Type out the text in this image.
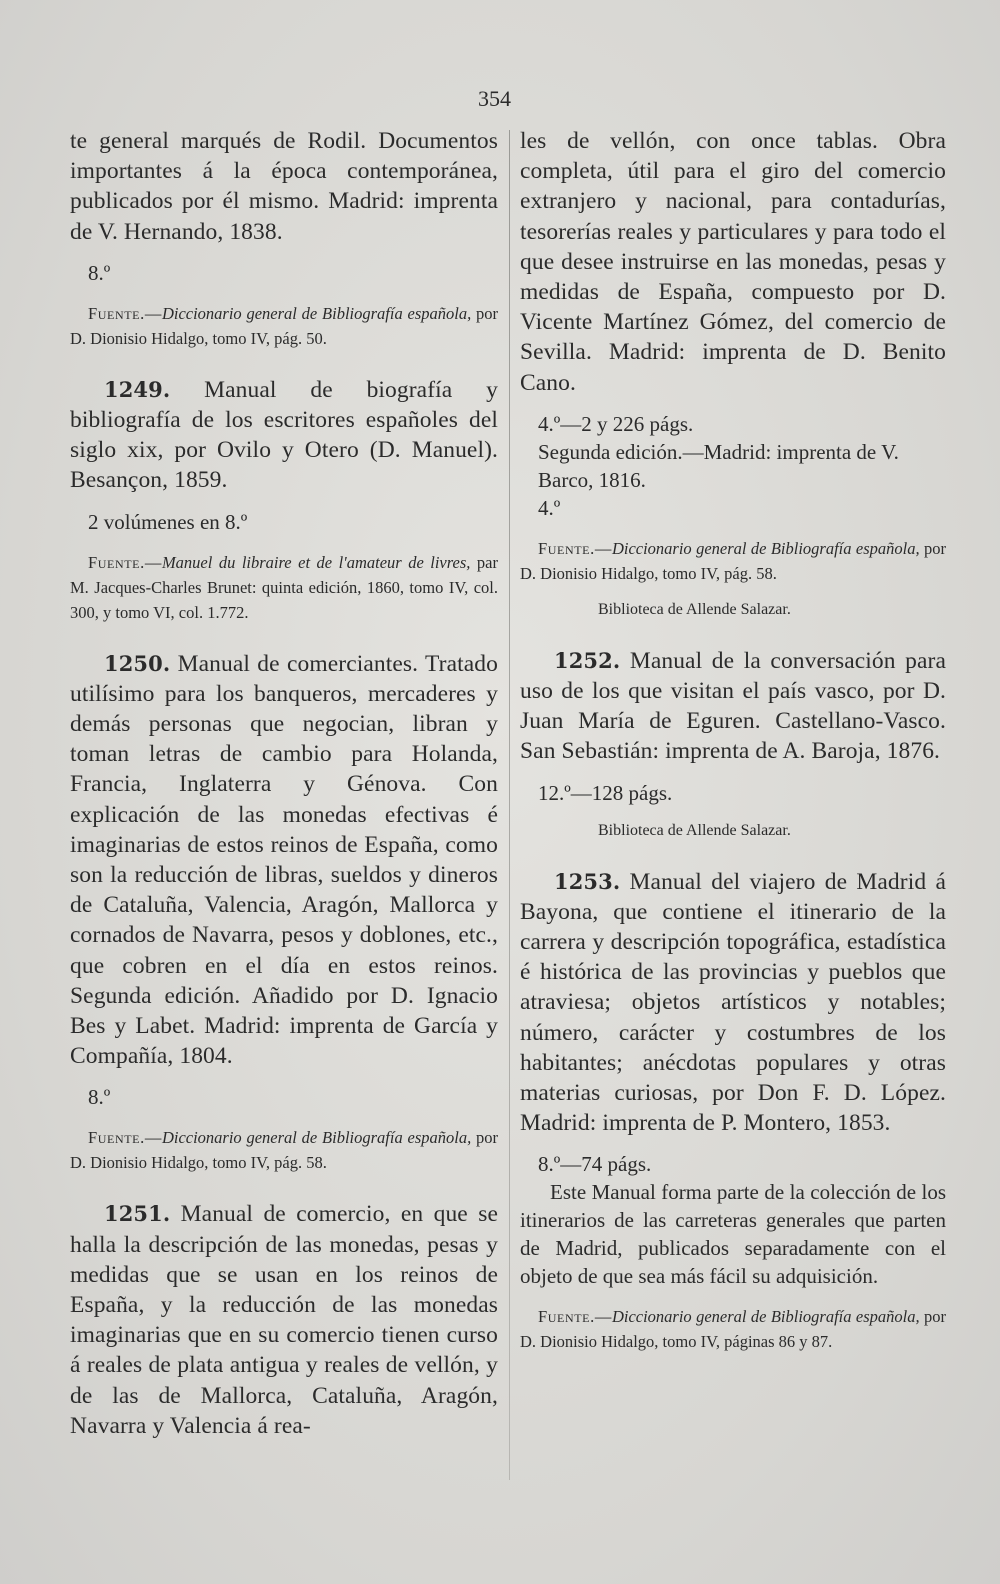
354

te general marqués de Rodil. Documentos importantes á la época contemporánea, publicados por él mismo. Madrid: imprenta de V. Hernando, 1838.

8.º

Fuente.—Diccionario general de Bibliografía española, por D. Dionisio Hidalgo, tomo IV, pág. 50.

1249. Manual de biografía y bibliografía de los escritores españoles del siglo xix, por Ovilo y Otero (D. Manuel). Besançon, 1859.

2 volúmenes en 8.º

Fuente.—Manuel du libraire et de l'amateur de livres, par M. Jacques-Charles Brunet: quinta edición, 1860, tomo IV, col. 300, y tomo VI, col. 1.772.

1250. Manual de comerciantes. Tratado utilísimo para los banqueros, mercaderes y demás personas que negocian, libran y toman letras de cambio para Holanda, Francia, Inglaterra y Génova. Con explicación de las monedas efectivas é imaginarias de estos reinos de España, como son la reducción de libras, sueldos y dineros de Cataluña, Valencia, Aragón, Mallorca y cornados de Navarra, pesos y doblones, etc., que cobren en el día en estos reinos. Segunda edición. Añadido por D. Ignacio Bes y Labet. Madrid: imprenta de García y Compañía, 1804.

8.º

Fuente.—Diccionario general de Bibliografía española, por D. Dionisio Hidalgo, tomo IV, pág. 58.

1251. Manual de comercio, en que se halla la descripción de las monedas, pesas y medidas que se usan en los reinos de España, y la reducción de las monedas imaginarias que en su comercio tienen curso á reales de plata antigua y reales de vellón, y de las de Mallorca, Cataluña, Aragón, Navarra y Valencia á rea-

les de vellón, con once tablas. Obra completa, útil para el giro del comercio extranjero y nacional, para contadurías, tesorerías reales y particulares y para todo el que desee instruirse en las monedas, pesas y medidas de España, compuesto por D. Vicente Martínez Gómez, del comercio de Sevilla. Madrid: imprenta de D. Benito Cano.

4.º—2 y 226 págs.

Segunda edición.—Madrid: imprenta de V. Barco, 1816.

4.º

Fuente.—Diccionario general de Bibliografía española, por D. Dionisio Hidalgo, tomo IV, pág. 58.

Biblioteca de Allende Salazar.

1252. Manual de la conversación para uso de los que visitan el país vasco, por D. Juan María de Eguren. Castellano-Vasco. San Sebastián: imprenta de A. Baroja, 1876.

12.º—128 págs.

Biblioteca de Allende Salazar.

1253. Manual del viajero de Madrid á Bayona, que contiene el itinerario de la carrera y descripción topográfica, estadística é histórica de las provincias y pueblos que atraviesa; objetos artísticos y notables; número, carácter y costumbres de los habitantes; anécdotas populares y otras materias curiosas, por Don F. D. López. Madrid: imprenta de P. Montero, 1853.

8.º—74 págs.

Este Manual forma parte de la colección de los itinerarios de las carreteras generales que parten de Madrid, publicados separadamente con el objeto de que sea más fácil su adquisición.

Fuente.—Diccionario general de Bibliografía española, por D. Dionisio Hidalgo, tomo IV, páginas 86 y 87.
